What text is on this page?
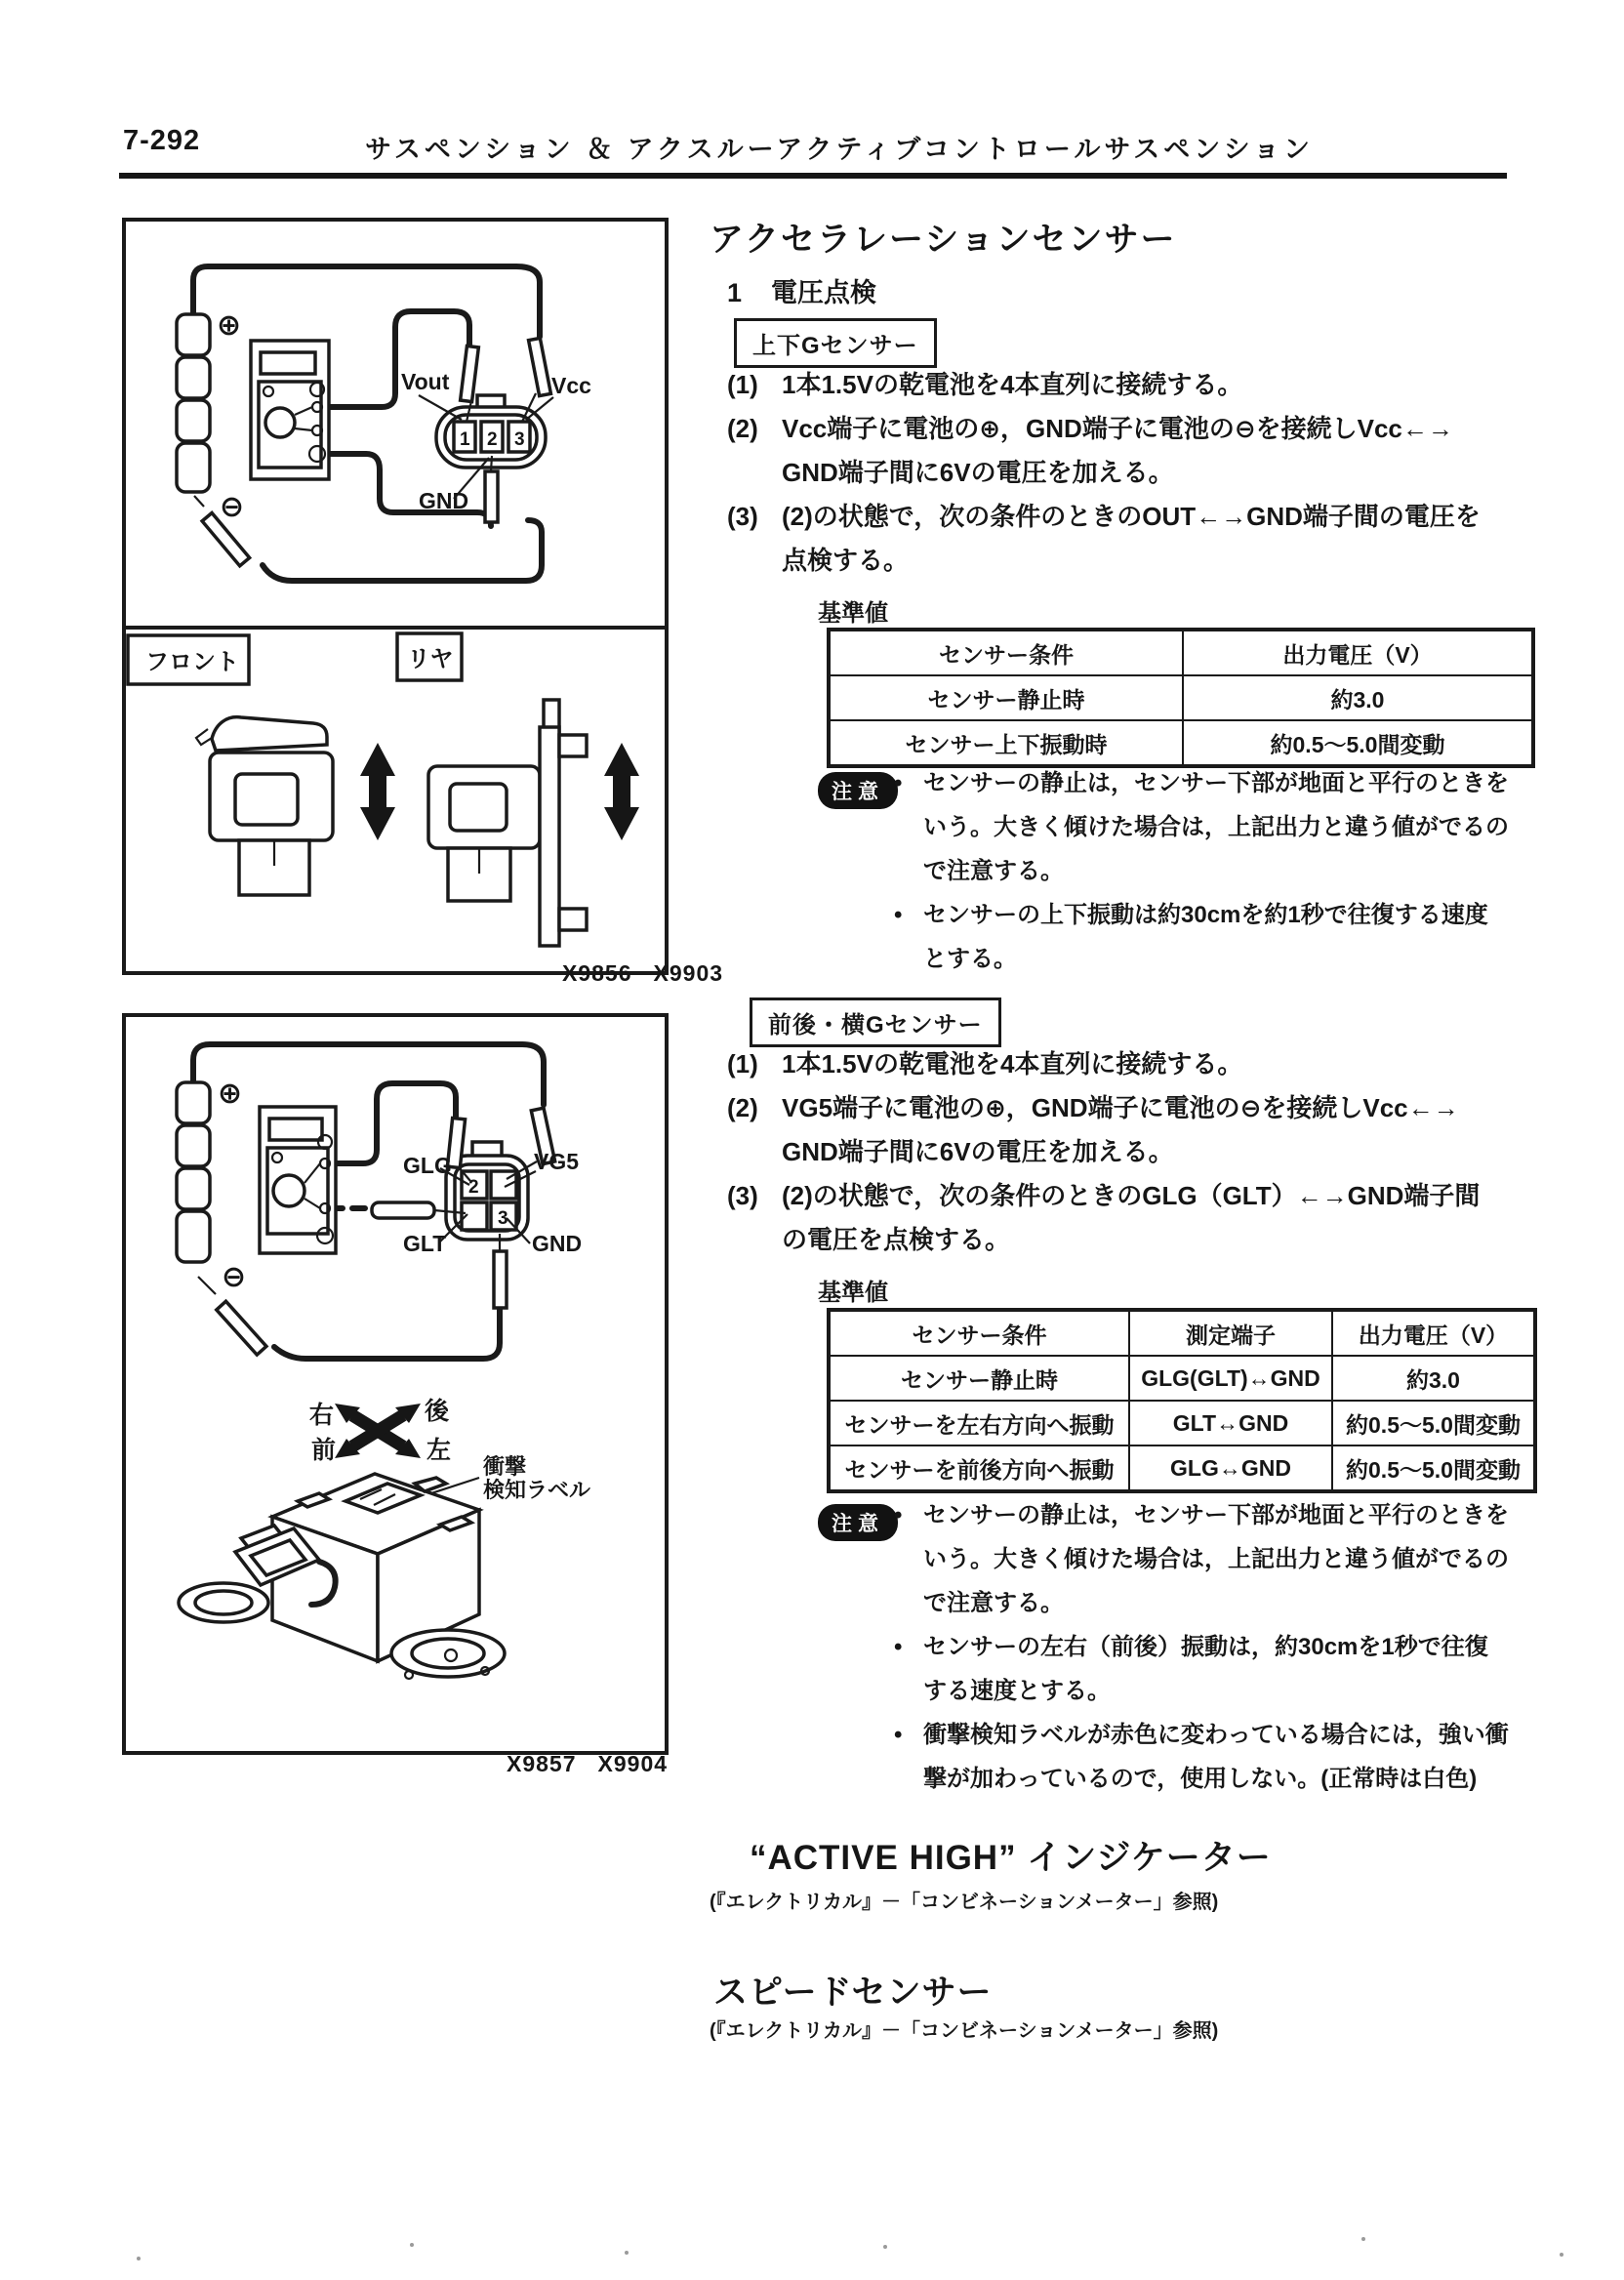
7-292	サスペンション ＆ アクスルーアクティブコントロールサスペンション
⊕
⊖
1 2 3
Vout	Vcc
GND
フロント	リヤ
X9856 X9903
⊕
⊖
2
3
GLG	VG5
GLT	GND
右	後
前	左
衝撃
検知ラベル
X9857 X9904
アクセラレーションセンサー
1 電圧点検
上下Gセンサー
(1) 1本1.5Vの乾電池を4本直列に接続する。
(2) Vcc端子に電池の⊕，GND端子に電池の⊖を接続しVcc←→
GND端子間に6Vの電圧を加える。
(3) (2)の状態で，次の条件のときのOUT←→GND端子間の電圧を
点検する。
基準値
センサー条件	出力電圧（V）
センサー静止時	約3.0
センサー上下振動時	約0.5～5.0間変動
注意 • センサーの静止は，センサー下部が地面と平行のときを
いう。大きく傾けた場合は，上記出力と違う値がでるの
で注意する。
• センサーの上下振動は約30cmを約1秒で往復する速度
とする。
前後・横Gセンサー
(1) 1本1.5Vの乾電池を4本直列に接続する。
(2) VG5端子に電池の⊕，GND端子に電池の⊖を接続しVcc←→
GND端子間に6Vの電圧を加える。
(3) (2)の状態で，次の条件のときのGLG（GLT）←→GND端子間
の電圧を点検する。
基準値
センサー条件	測定端子	出力電圧（V）
センサー静止時	GLG(GLT)↔GND	約3.0
センサーを左右方向へ振動	GLT↔GND	約0.5～5.0間変動
センサーを前後方向へ振動	GLG↔GND	約0.5～5.0間変動
注意 • センサーの静止は，センサー下部が地面と平行のときを
いう。大きく傾けた場合は，上記出力と違う値がでるの
で注意する。
• センサーの左右（前後）振動は，約30cmを1秒で往復
する速度とする。
• 衝撃検知ラベルが赤色に変わっている場合には，強い衝
撃が加わっているので，使用しない。(正常時は白色)
“ACTIVE HIGH” インジケーター
(『エレクトリカル』－「コンビネーションメーター」参照)
スピードセンサー
(『エレクトリカル』－「コンビネーションメーター」参照)
